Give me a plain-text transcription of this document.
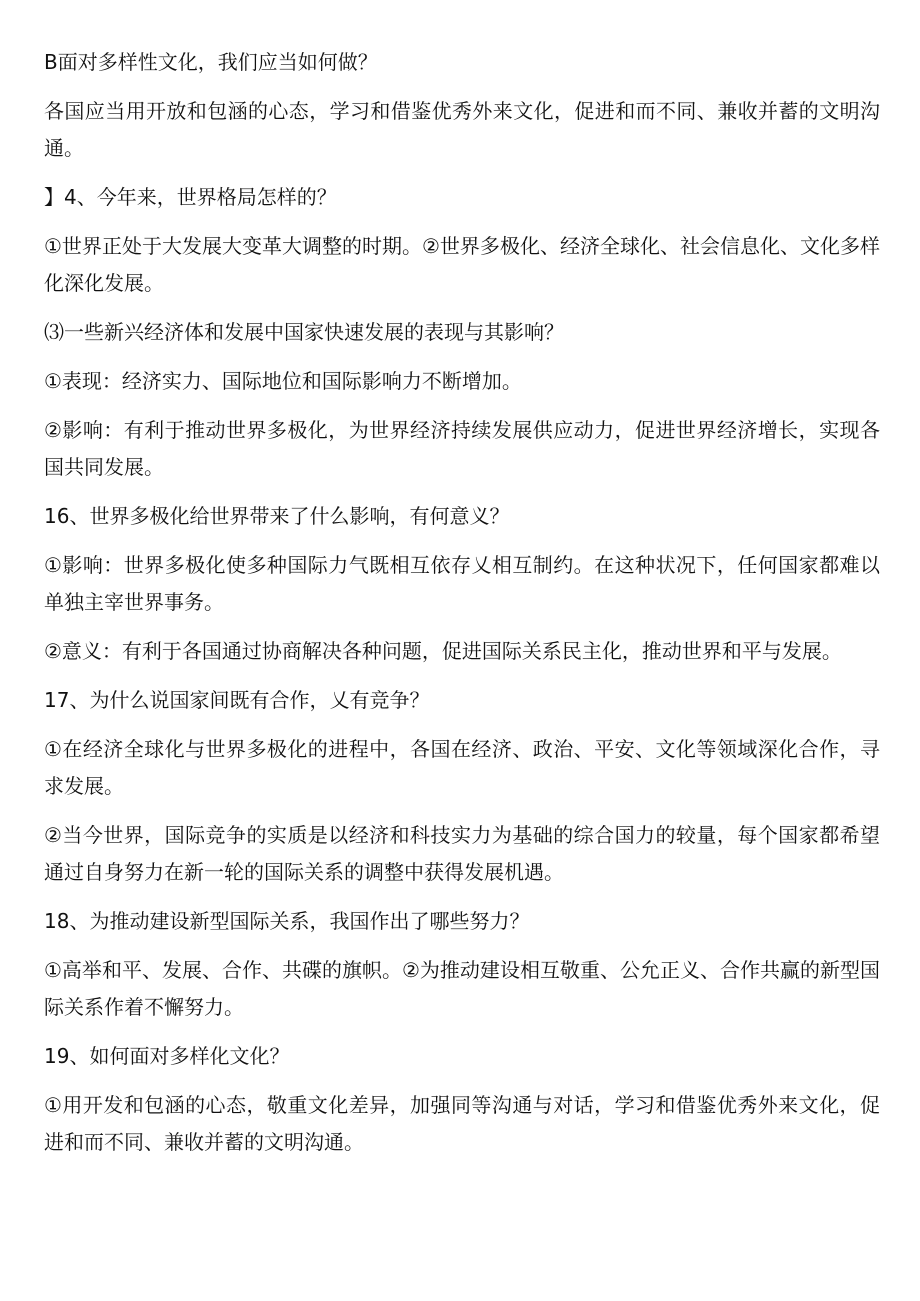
B面对多样性文化，我们应当如何做？

各国应当用开放和包涵的心态，学习和借鉴优秀外来文化，促进和而不同、兼收并蓄的文明沟通。

】4、今年来，世界格局怎样的？

①世界正处于大发展大变革大调整的时期。②世界多极化、经济全球化、社会信息化、文化多样化深化发展。

⑶一些新兴经济体和发展中国家快速发展的表现与其影响？

①表现：经济实力、国际地位和国际影响力不断增加。

②影响：有利于推动世界多极化，为世界经济持续发展供应动力，促进世界经济增长，实现各国共同发展。

16、世界多极化给世界带来了什么影响，有何意义？

①影响：世界多极化使多种国际力气既相互依存乂相互制约。在这种状况下，任何国家都难以单独主宰世界事务。

②意义：有利于各国通过协商解决各种问题，促进国际关系民主化，推动世界和平与发展。

17、为什么说国家间既有合作，乂有竞争？

①在经济全球化与世界多极化的进程中，各国在经济、政治、平安、文化等领域深化合作，寻求发展。

②当今世界，国际竞争的实质是以经济和科技实力为基础的综合国力的较量，每个国家都希望通过自身努力在新一轮的国际关系的调整中获得发展机遇。

18、为推动建设新型国际关系，我国作出了哪些努力？

①高举和平、发展、合作、共碟的旗帜。②为推动建设相互敬重、公允正义、合作共赢的新型国际关系作着不懈努力。

19、如何面对多样化文化？

①用开发和包涵的心态，敬重文化差异，加强同等沟通与对话，学习和借鉴优秀外来文化，促进和而不同、兼收并蓄的文明沟通。
